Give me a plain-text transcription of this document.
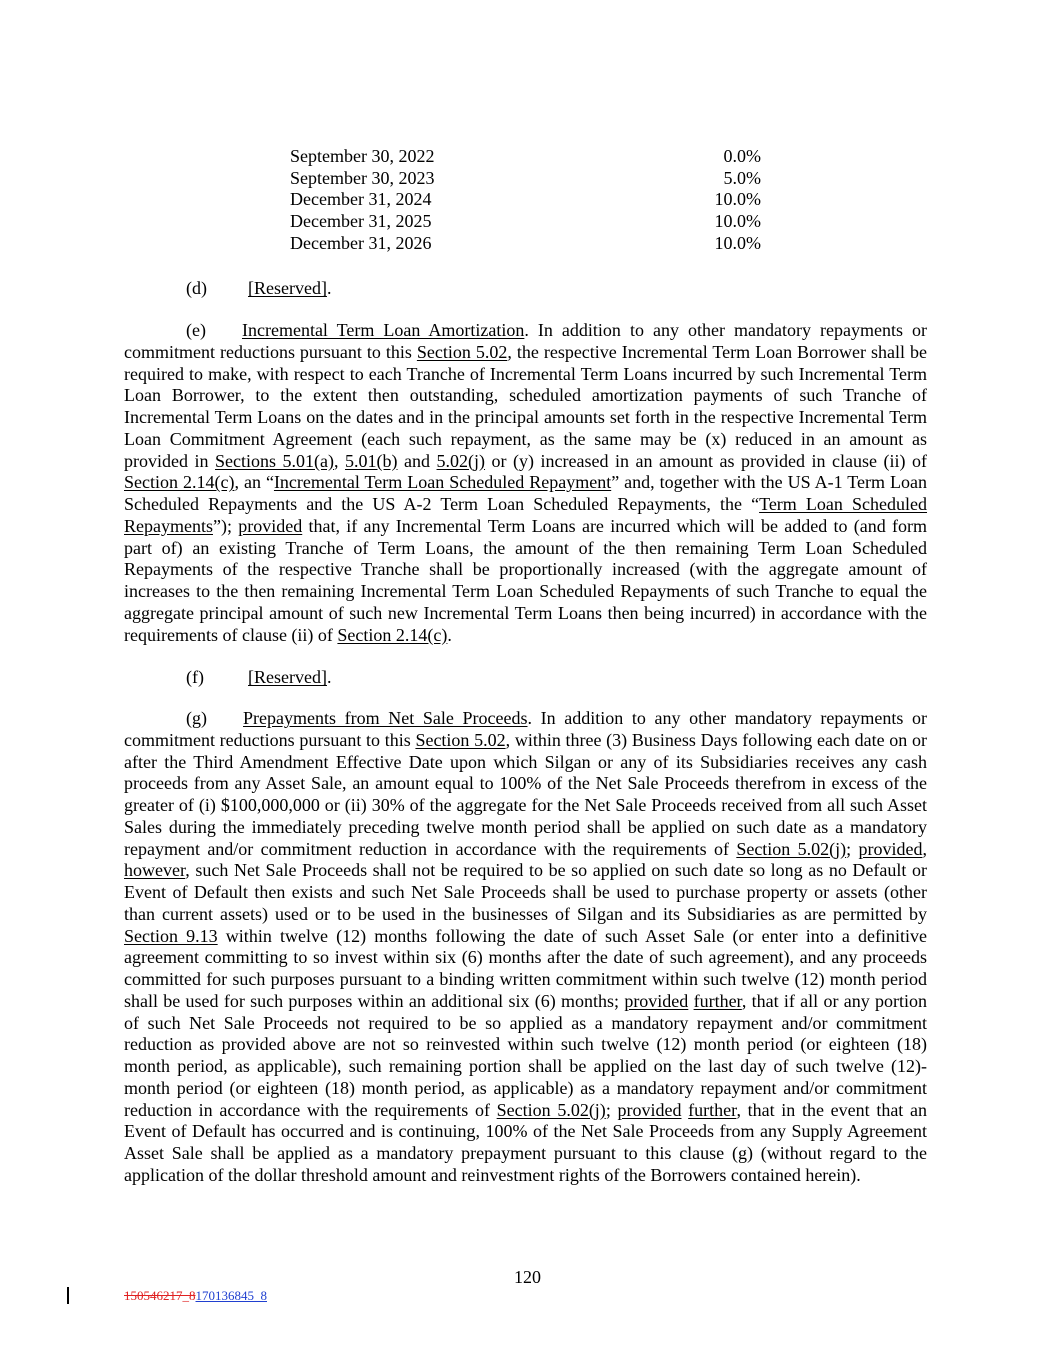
September 30, 2022	0.0%
September 30, 2023	5.0%
December 31, 2024	10.0%
December 31, 2025	10.0%
December 31, 2026	10.0%
(d) [Reserved].
(e)    Incremental Term Loan Amortization. In addition to any other mandatory repayments or commitment reductions pursuant to this Section 5.02, the respective Incremental Term Loan Borrower shall be required to make, with respect to each Tranche of Incremental Term Loans incurred by such Incremental Term Loan Borrower, to the extent then outstanding, scheduled amortization payments of such Tranche of Incremental Term Loans on the dates and in the principal amounts set forth in the respective Incremental Term Loan Commitment Agreement (each such repayment, as the same may be (x) reduced in an amount as provided in Sections 5.01(a), 5.01(b) and 5.02(j) or (y) increased in an amount as provided in clause (ii) of Section 2.14(c), an “Incremental Term Loan Scheduled Repayment” and, together with the US A-1 Term Loan Scheduled Repayments and the US A-2 Term Loan Scheduled Repayments, the “Term Loan Scheduled Repayments”); provided that, if any Incremental Term Loans are incurred which will be added to (and form part of) an existing Tranche of Term Loans, the amount of the then remaining Term Loan Scheduled Repayments of the respective Tranche shall be proportionally increased (with the aggregate amount of increases to the then remaining Incremental Term Loan Scheduled Repayments of such Tranche to equal the aggregate principal amount of such new Incremental Term Loans then being incurred) in accordance with the requirements of clause (ii) of Section 2.14(c).
(f) [Reserved].
(g)    Prepayments from Net Sale Proceeds. In addition to any other mandatory repayments or commitment reductions pursuant to this Section 5.02, within three (3) Business Days following each date on or after the Third Amendment Effective Date upon which Silgan or any of its Subsidiaries receives any cash proceeds from any Asset Sale, an amount equal to 100% of the Net Sale Proceeds therefrom in excess of the greater of (i) $100,000,000 or (ii) 30% of the aggregate for the Net Sale Proceeds received from all such Asset Sales during the immediately preceding twelve month period shall be applied on such date as a mandatory repayment and/or commitment reduction in accordance with the requirements of Section 5.02(j); provided, however, such Net Sale Proceeds shall not be required to be so applied on such date so long as no Default or Event of Default then exists and such Net Sale Proceeds shall be used to purchase property or assets (other than current assets) used or to be used in the businesses of Silgan and its Subsidiaries as are permitted by Section 9.13 within twelve (12) months following the date of such Asset Sale (or enter into a definitive agreement committing to so invest within six (6) months after the date of such agreement), and any proceeds committed for such purposes pursuant to a binding written commitment within such twelve (12) month period shall be used for such purposes within an additional six (6) months; provided further, that if all or any portion of such Net Sale Proceeds not required to be so applied as a mandatory repayment and/or commitment reduction as provided above are not so reinvested within such twelve (12) month period (or eighteen (18) month period, as applicable), such remaining portion shall be applied on the last day of such twelve (12)-month period (or eighteen (18) month period, as applicable) as a mandatory repayment and/or commitment reduction in accordance with the requirements of Section 5.02(j); provided further, that in the event that an Event of Default has occurred and is continuing, 100% of the Net Sale Proceeds from any Supply Agreement Asset Sale shall be applied as a mandatory prepayment pursuant to this clause (g) (without regard to the application of the dollar threshold amount and reinvestment rights of the Borrowers contained herein).
120
150546217_8170136845_8
